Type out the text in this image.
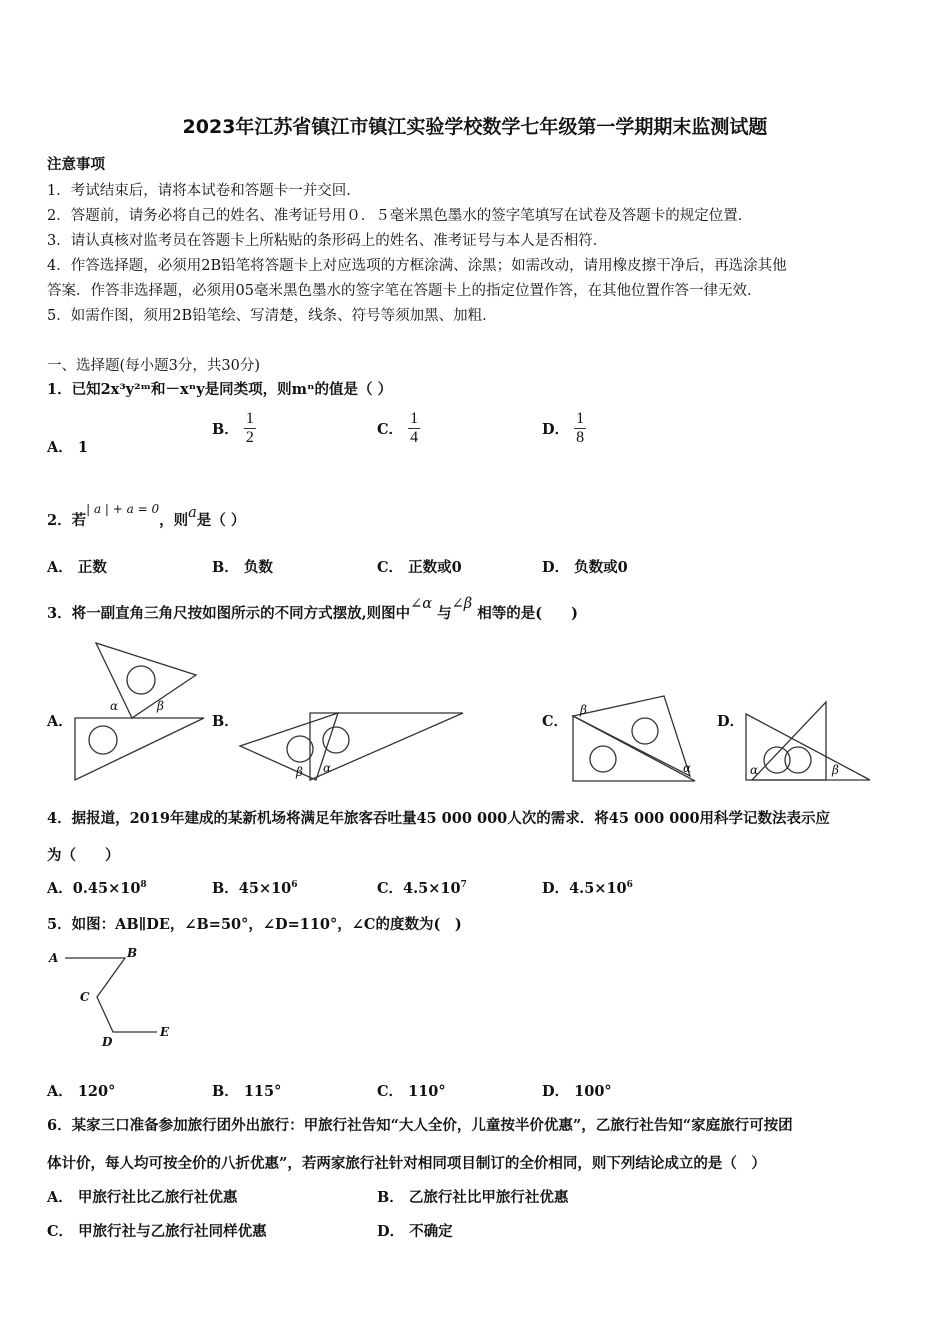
2023年江苏省镇江市镇江实验学校数学七年级第一学期期末监测试题
注意事项
1．考试结束后，请将本试卷和答题卡一并交回．
2．答题前，请务必将自己的姓名、准考证号用０．５毫米黑色墨水的签字笔填写在试卷及答题卡的规定位置．
3．请认真核对监考员在答题卡上所粘贴的条形码上的姓名、准考证号与本人是否相符．
4．作答选择题，必须用2B铅笔将答题卡上对应选项的方框涂满、涂黑；如需改动，请用橡皮擦干净后，再选涂其他
答案．作答非选择题，必须用05毫米黑色墨水的签字笔在答题卡上的指定位置作答，在其他位置作答一律无效．
5．如需作图，须用2B铅笔绘、写清楚，线条、符号等须加黑、加粗．
一、选择题(每小题3分，共30分)
1．已知2x³y²ᵐ和－xⁿy是同类项，则mⁿ的值是（ ）
A． 1
B． $\frac{1}{2}$	C． $\frac{1}{4}$	D． $\frac{1}{8}$
2．若$^{| a | + a = 0}$，则a是（ ）
A． 正数	B． 负数	C． 正数或0	D． 负数或0
3．将一副直角三角尺按如图所示的不同方式摆放,则图中∠α 与∠β 相等的是(　　)
A．	B．	C．	D．
α	β
β α
β
α	α	β
4．据报道，2019年建成的某新机场将满足年旅客吞吐量45 000 000人次的需求．将45 000 000用科学记数法表示应
为（　　）
A．$0.45\times 10^8$	B．$45\times 10^6$	C．$4.5\times 10^7$	D．$4.5\times 10^6$
5．如图：AB∥DE，∠B=50°，∠D=110°，∠C的度数为(　)
A	B
C
D
E
A． 120°	B． 115°	C． 110°	D． 100°
6．某家三口准备参加旅行团外出旅行：甲旅行社告知“大人全价，儿童按半价优惠”，乙旅行社告知“家庭旅行可按团
体计价，每人均可按全价的八折优惠”，若两家旅行社针对相同项目制订的全价相同，则下列结论成立的是（　）
A． 甲旅行社比乙旅行社优惠	B． 乙旅行社比甲旅行社优惠
C． 甲旅行社与乙旅行社同样优惠	D． 不确定
